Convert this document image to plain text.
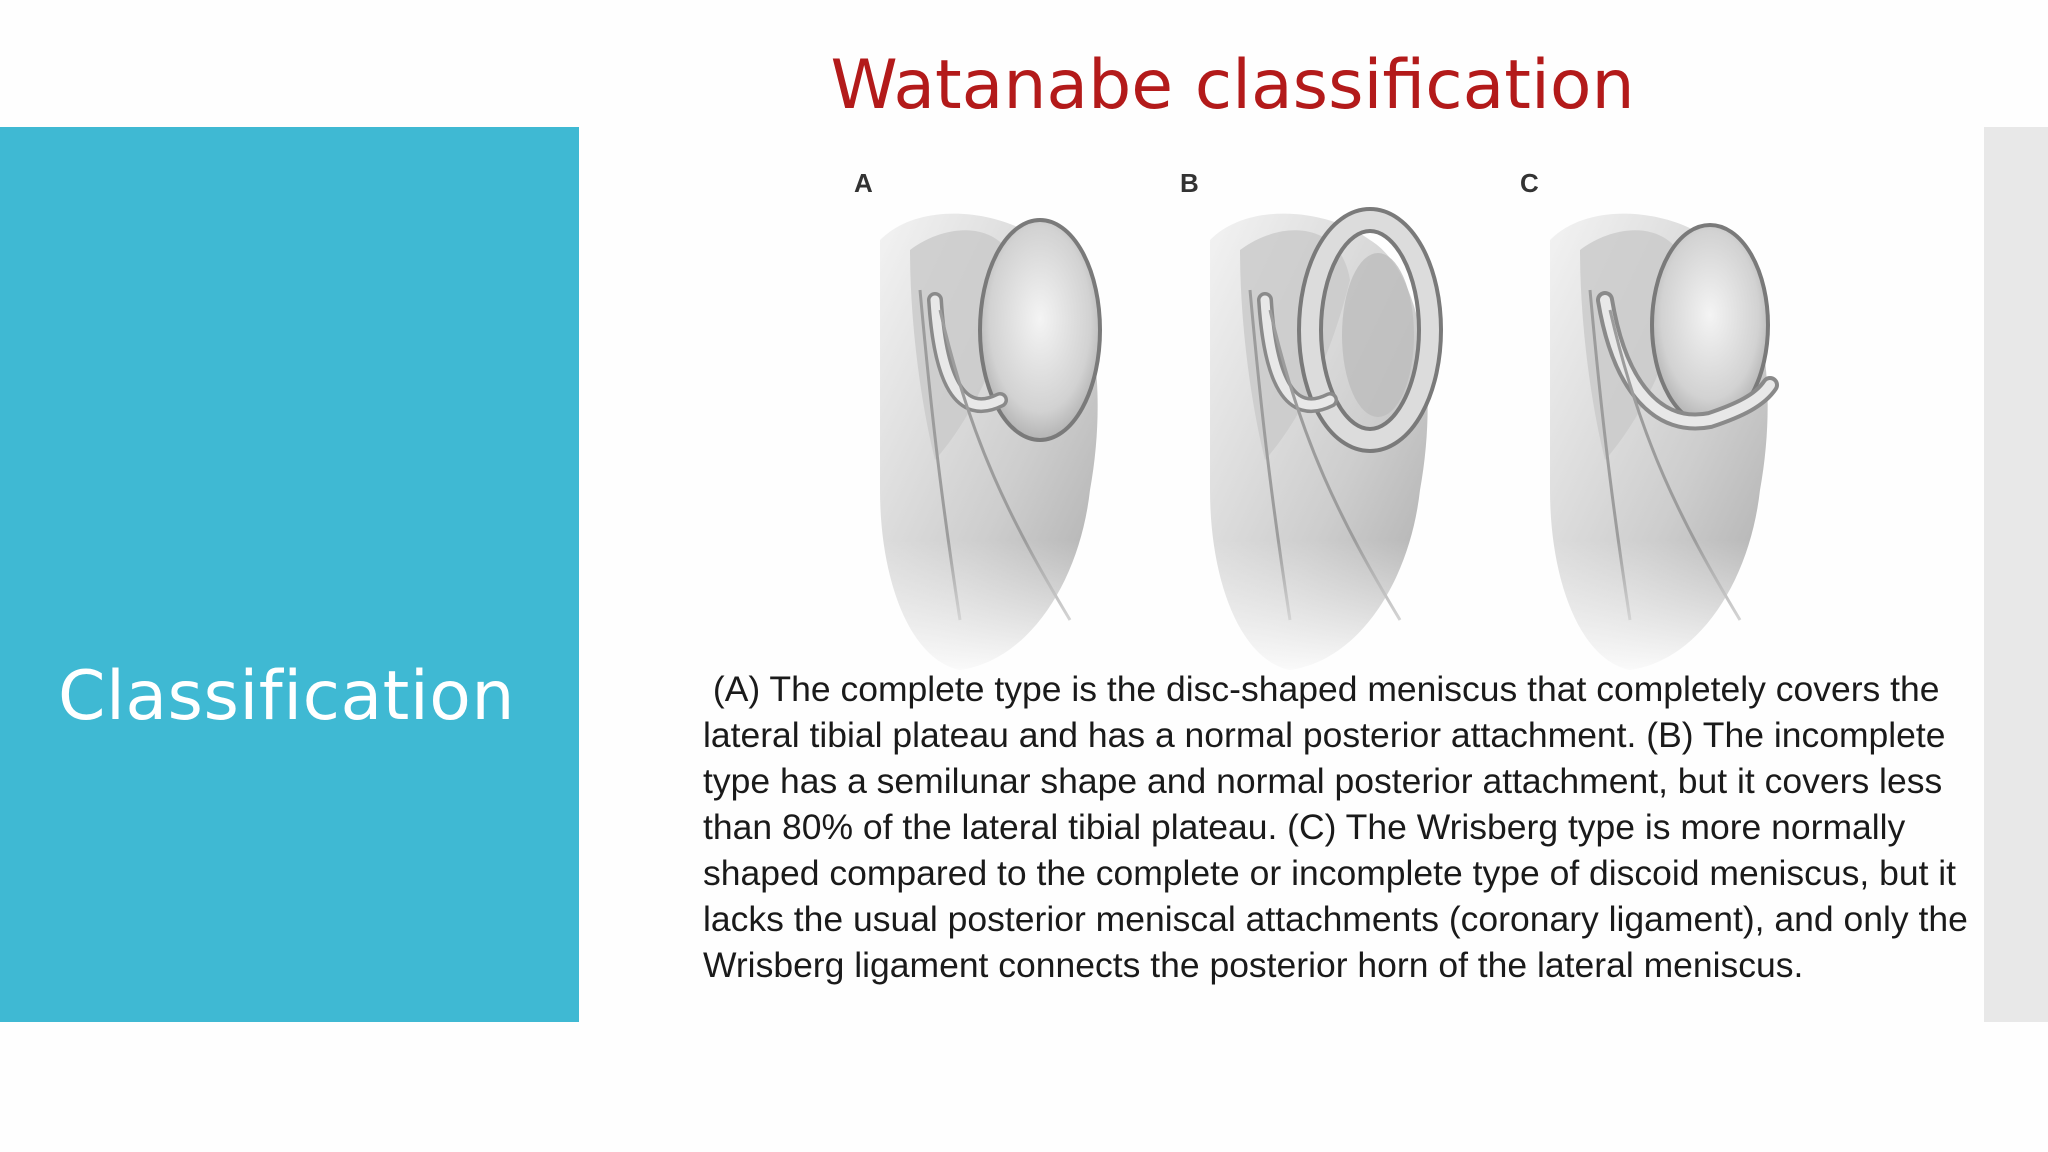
Classification
Watanabe classification
A	B	C
(A) The complete type is the disc-shaped meniscus that completely covers the lateral tibial plateau and has a normal posterior attachment. (B) The incomplete type has a semilunar shape and normal posterior attachment, but it covers less than 80% of the lateral tibial plateau. (C) The Wrisberg type is more normally shaped compared to the complete or incomplete type of discoid meniscus, but it lacks the usual posterior meniscal attachments (coronary ligament), and only the Wrisberg ligament connects the posterior horn of the lateral meniscus.
